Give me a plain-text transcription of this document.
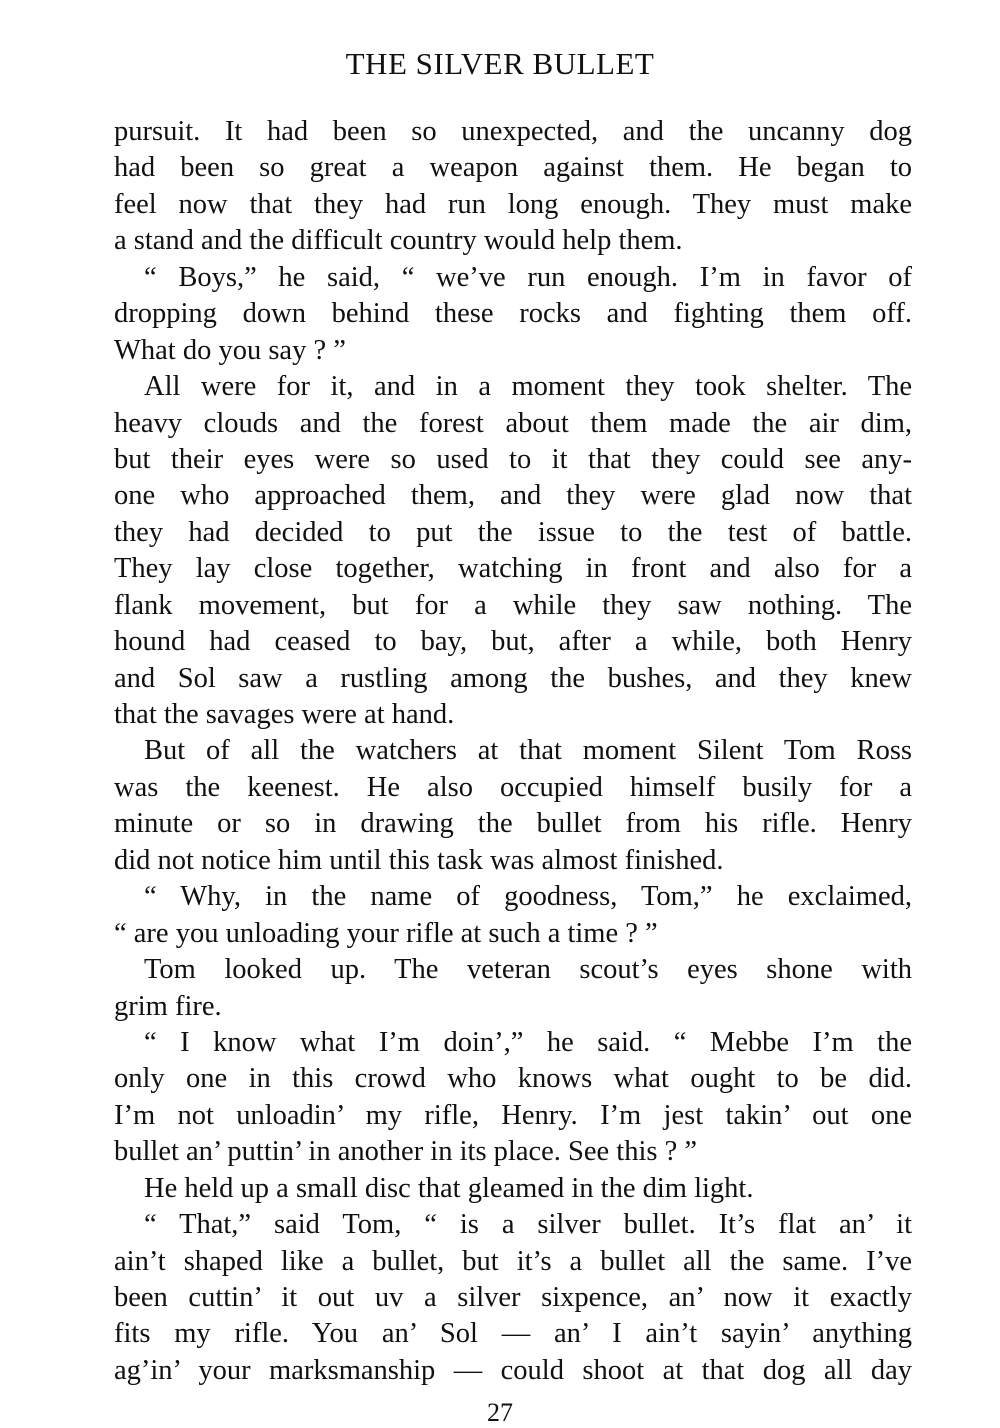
THE SILVER BULLET
pursuit. It had been so unexpected, and the uncanny dog
had been so great a weapon against them. He began to
feel now that they had run long enough. They must make
a stand and the difficult country would help them.
“ Boys,” he said, “ we’ve run enough. I’m in favor of
dropping down behind these rocks and fighting them off.
What do you say ? ”
All were for it, and in a moment they took shelter. The
heavy clouds and the forest about them made the air dim,
but their eyes were so used to it that they could see any-
one who approached them, and they were glad now that
they had decided to put the issue to the test of battle.
They lay close together, watching in front and also for a
flank movement, but for a while they saw nothing. The
hound had ceased to bay, but, after a while, both Henry
and Sol saw a rustling among the bushes, and they knew
that the savages were at hand.
But of all the watchers at that moment Silent Tom Ross
was the keenest. He also occupied himself busily for a
minute or so in drawing the bullet from his rifle. Henry
did not notice him until this task was almost finished.
“ Why, in the name of goodness, Tom,” he exclaimed,
“ are you unloading your rifle at such a time ? ”
Tom looked up. The veteran scout’s eyes shone with
grim fire.
“ I know what I’m doin’,” he said. “ Mebbe I’m the
only one in this crowd who knows what ought to be did.
I’m not unloadin’ my rifle, Henry. I’m jest takin’ out one
bullet an’ puttin’ in another in its place. See this ? ”
He held up a small disc that gleamed in the dim light.
“ That,” said Tom, “ is a silver bullet. It’s flat an’ it
ain’t shaped like a bullet, but it’s a bullet all the same. I’ve
been cuttin’ it out uv a silver sixpence, an’ now it exactly
fits my rifle. You an’ Sol — an’ I ain’t sayin’ anything
ag’in’ your marksmanship — could shoot at that dog all day
27
